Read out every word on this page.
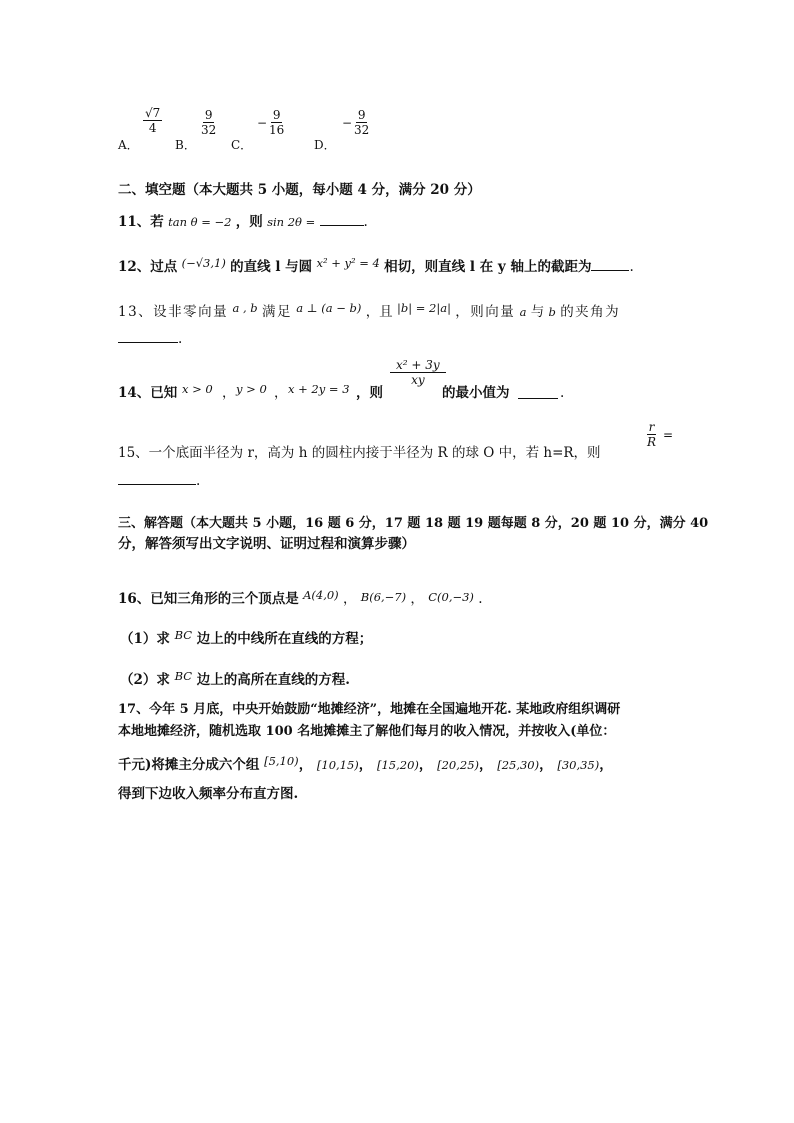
A．
$\frac{√7}{4}$
B．
$\frac{9}{32}$
C．
− $\frac{9}{16}$
D．
− $\frac{9}{32}$
二、填空题（本大题共 5 小题，每小题 4 分，满分 20 分）
11、若 tan θ = −2 ，则 sin 2θ =	.
12、过点 (−√3,1) 的直线 l 与圆 x² + y² = 4 相切，则直线 l 在 y 轴上的截距为	.
13、设非零向量 a , b 满足 a ⊥ (a − b) ，且 |b| = 2|a| ，则向量 a 与 b 的夹角为
.
14、已知 x > 0 ， y > 0 ， x + 2y = 3 ，则
$\frac{\text{x² + 3y}}{xy}$
的最小值为	.
15、一个底面半径为 r，高为 h 的圆柱内接于半径为 R 的球 O 中，若 h=R，则
$\frac{r}{R}$ =
.
三、解答题（本大题共 5 小题，16 题 6 分，17 题 18 题 19 题每题 8 分，20 题 10 分，满分 40
分，解答须写出文字说明、证明过程和演算步骤）
16、已知三角形的三个顶点是 A(4,0) ， B(6,−7) ， C(0,−3) .
（1）求 BC 边上的中线所在直线的方程；
（2）求 BC 边上的高所在直线的方程.
17、今年 5 月底，中央开始鼓励“地摊经济”，地摊在全国遍地开花. 某地政府组织调研
本地地摊经济，随机选取 100 名地摊摊主了解他们每月的收入情况，并按收入(单位：
千元)将摊主分成六个组 [5,10)， [10,15)， [15,20)， [20,25)， [25,30)， [30,35)，
得到下边收入频率分布直方图.
